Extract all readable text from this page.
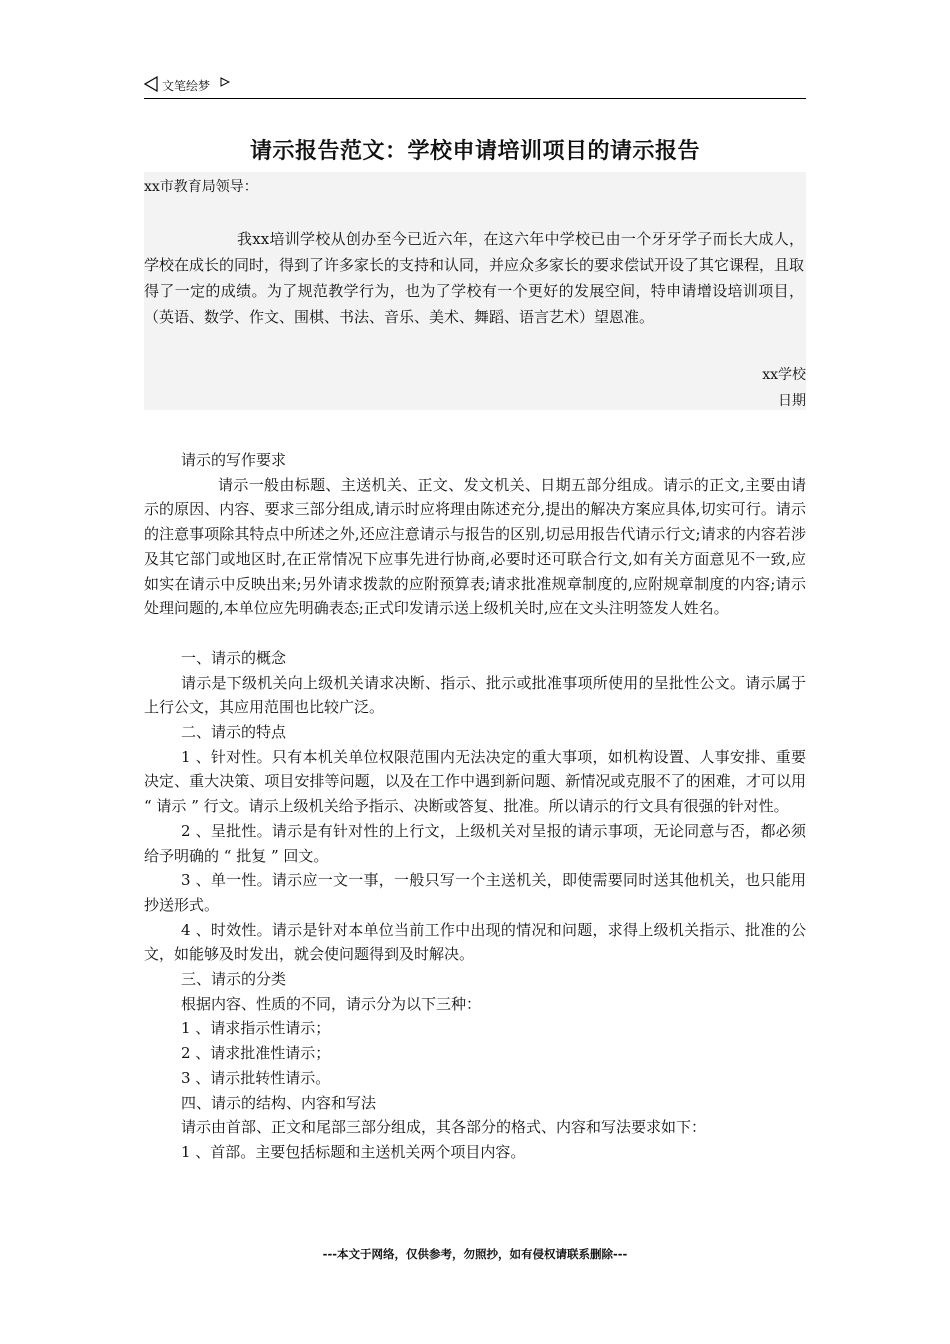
文笔绘梦
请示报告范文：学校申请培训项目的请示报告
xx市教育局领导：

我xx培训学校从创办至今已近六年，在这六年中学校已由一个牙牙学子而长大成人，学校在成长的同时，得到了许多家长的支持和认同，并应众多家长的要求偿试开设了其它课程，且取得了一定的成绩。为了规范教学行为，也为了学校有一个更好的发展空间，特申请增设培训项目，（英语、数学、作文、围棋、书法、音乐、美术、舞蹈、语言艺术）望恩准。

xx学校
日期

请示的写作要求

请示一般由标题、主送机关、正文、发文机关、日期五部分组成。请示的正文,主要由请示的原因、内容、要求三部分组成,请示时应将理由陈述充分,提出的解决方案应具体,切实可行。请示的注意事项除其特点中所述之外,还应注意请示与报告的区别,切忌用报告代请示行文;请求的内容若涉及其它部门或地区时,在正常情况下应事先进行协商,必要时还可联合行文,如有关方面意见不一致,应如实在请示中反映出来;另外请求拨款的应附预算表;请求批准规章制度的,应附规章制度的内容;请示处理问题的,本单位应先明确表态;正式印发请示送上级机关时,应在文头注明签发人姓名。

一、请示的概念

请示是下级机关向上级机关请求决断、指示、批示或批准事项所使用的呈批性公文。请示属于上行公文，其应用范围也比较广泛。

二、请示的特点

1 、针对性。只有本机关单位权限范围内无法决定的重大事项，如机构设置、人事安排、重要决定、重大决策、项目安排等问题，以及在工作中遇到新问题、新情况或克服不了的困难，才可以用 “ 请示 ” 行文。请示上级机关给予指示、决断或答复、批准。所以请示的行文具有很强的针对性。

2 、呈批性。请示是有针对性的上行文，上级机关对呈报的请示事项，无论同意与否，都必须给予明确的 “ 批复 ” 回文。

3 、单一性。请示应一文一事，一般只写一个主送机关，即使需要同时送其他机关，也只能用抄送形式。

4 、时效性。请示是针对本单位当前工作中出现的情况和问题，求得上级机关指示、批准的公文，如能够及时发出，就会使问题得到及时解决。

三、请示的分类

根据内容、性质的不同，请示分为以下三种：

1 、请求指示性请示；

2 、请求批准性请示；

3 、请示批转性请示。

四、请示的结构、内容和写法

请示由首部、正文和尾部三部分组成，其各部分的格式、内容和写法要求如下：

1 、首部。主要包括标题和主送机关两个项目内容。

---本文于网络，仅供参考，勿照抄，如有侵权请联系删除---
